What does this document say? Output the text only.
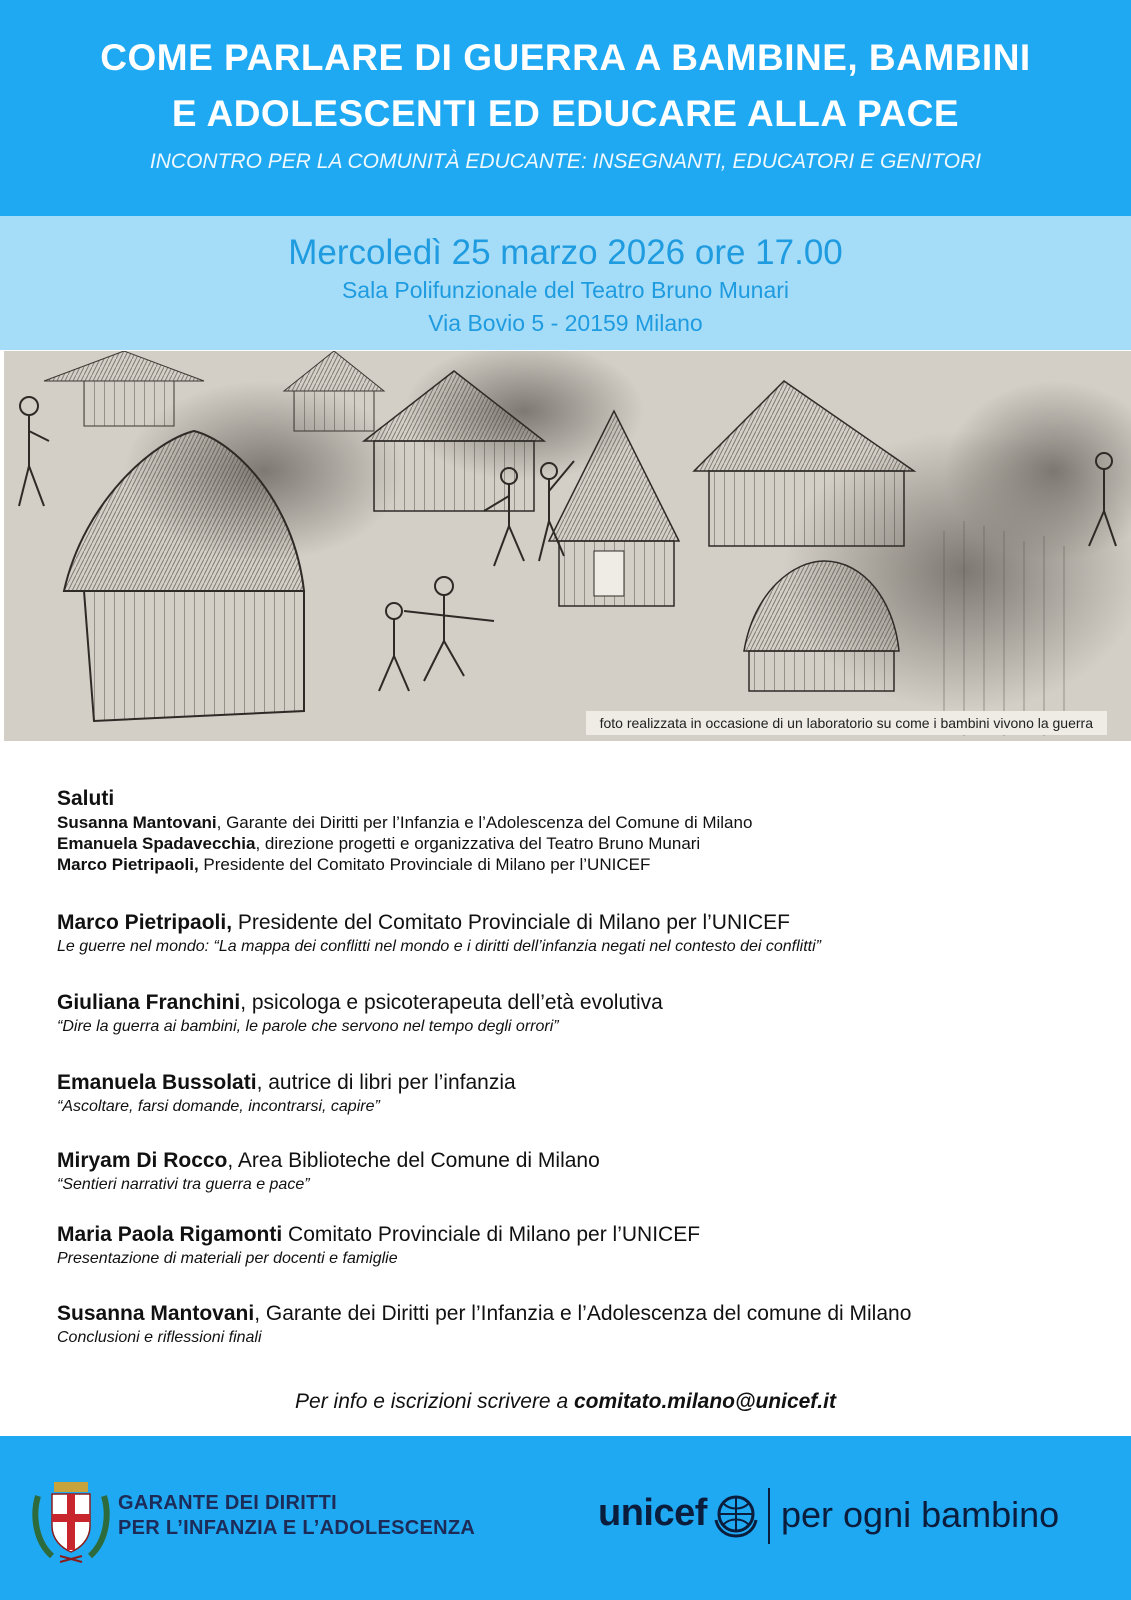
COME PARLARE DI GUERRA A BAMBINE, BAMBINI
E ADOLESCENTI ED EDUCARE ALLA PACE
INCONTRO PER LA COMUNITÀ EDUCANTE: INSEGNANTI, EDUCATORI E GENITORI
Mercoledì 25 marzo 2026 ore 17.00
Sala Polifunzionale del Teatro Bruno Munari
Via Bovio 5 - 20159 Milano
foto realizzata in occasione di un laboratorio su come i bambini vivono la guerra
Saluti
Susanna Mantovani, Garante dei Diritti per l’Infanzia e l’Adolescenza del Comune di Milano
Emanuela Spadavecchia, direzione progetti e organizzativa del Teatro Bruno Munari
Marco Pietripaoli, Presidente del Comitato Provinciale di Milano per l’UNICEF
Marco Pietripaoli, Presidente del Comitato Provinciale di Milano per l’UNICEF
Le guerre nel mondo: “La mappa dei conflitti nel mondo e i diritti dell’infanzia negati nel contesto dei conflitti”
Giuliana Franchini, psicologa e psicoterapeuta dell’età evolutiva
“Dire la guerra ai bambini, le parole che servono nel tempo degli orrori”
Emanuela Bussolati, autrice di libri per l’infanzia
“Ascoltare, farsi domande, incontrarsi, capire”
Miryam Di Rocco, Area Biblioteche del Comune di Milano
“Sentieri narrativi tra guerra e pace”
Maria Paola Rigamonti Comitato Provinciale di Milano per l’UNICEF
Presentazione di materiali per docenti e famiglie
Susanna Mantovani, Garante dei Diritti per l’Infanzia e l’Adolescenza del comune di Milano
Conclusioni e riflessioni finali
Per info e iscrizioni scrivere a comitato.milano@unicef.it
GARANTE DEI DIRITTI
PER L’INFANZIA E L’ADOLESCENZA	unicef per ogni bambino
